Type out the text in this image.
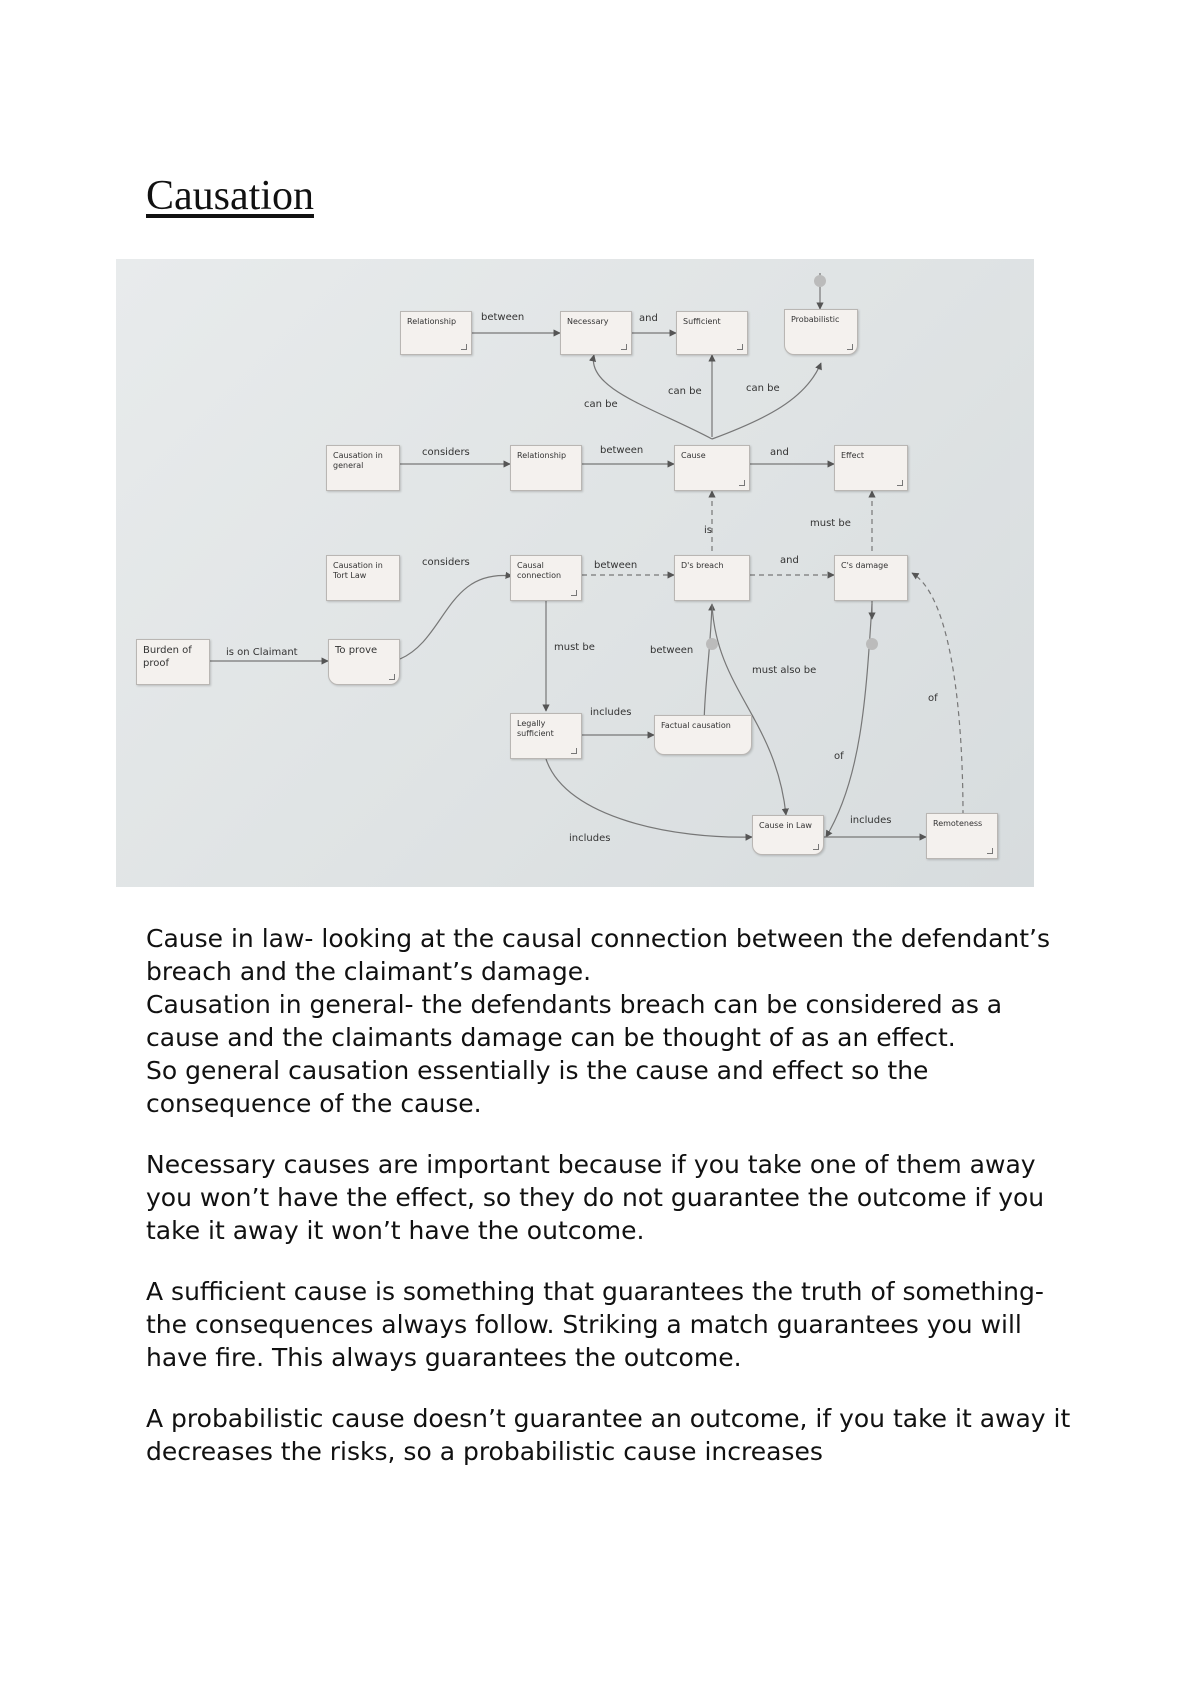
Causation
Relationship	Necessary	Sufficient	Probabilistic
Causation in general
Relationship	Cause	Effect
Causation in Tort Law
Causal connection
D's breach	C's damage
Burden of proof
To prove
Legally sufficient
Factual causation
Cause in Law	Remoteness
between	and
can be
can be	can be
considers	between	and
is
must be
considers	between	and
is on Claimant	must be	between
must also be
of
includes
of
includes
includes

Cause in law- looking at the causal connection between the defendant’s breach and the claimant’s damage.

Causation in general- the defendants breach can be considered as a cause and the claimants damage can be thought of as an effect.

So general causation essentially is the cause and effect so the consequence of the cause.

Necessary causes are important because if you take one of them away you won’t have the effect, so they do not guarantee the outcome if you take it away it won’t have the outcome.

A sufficient cause is something that guarantees the truth of something- the consequences always follow. Striking a match guarantees you will have fire. This always guarantees the outcome.

A probabilistic cause doesn’t guarantee an outcome, if you take it away it decreases the risks, so a probabilistic cause increases
